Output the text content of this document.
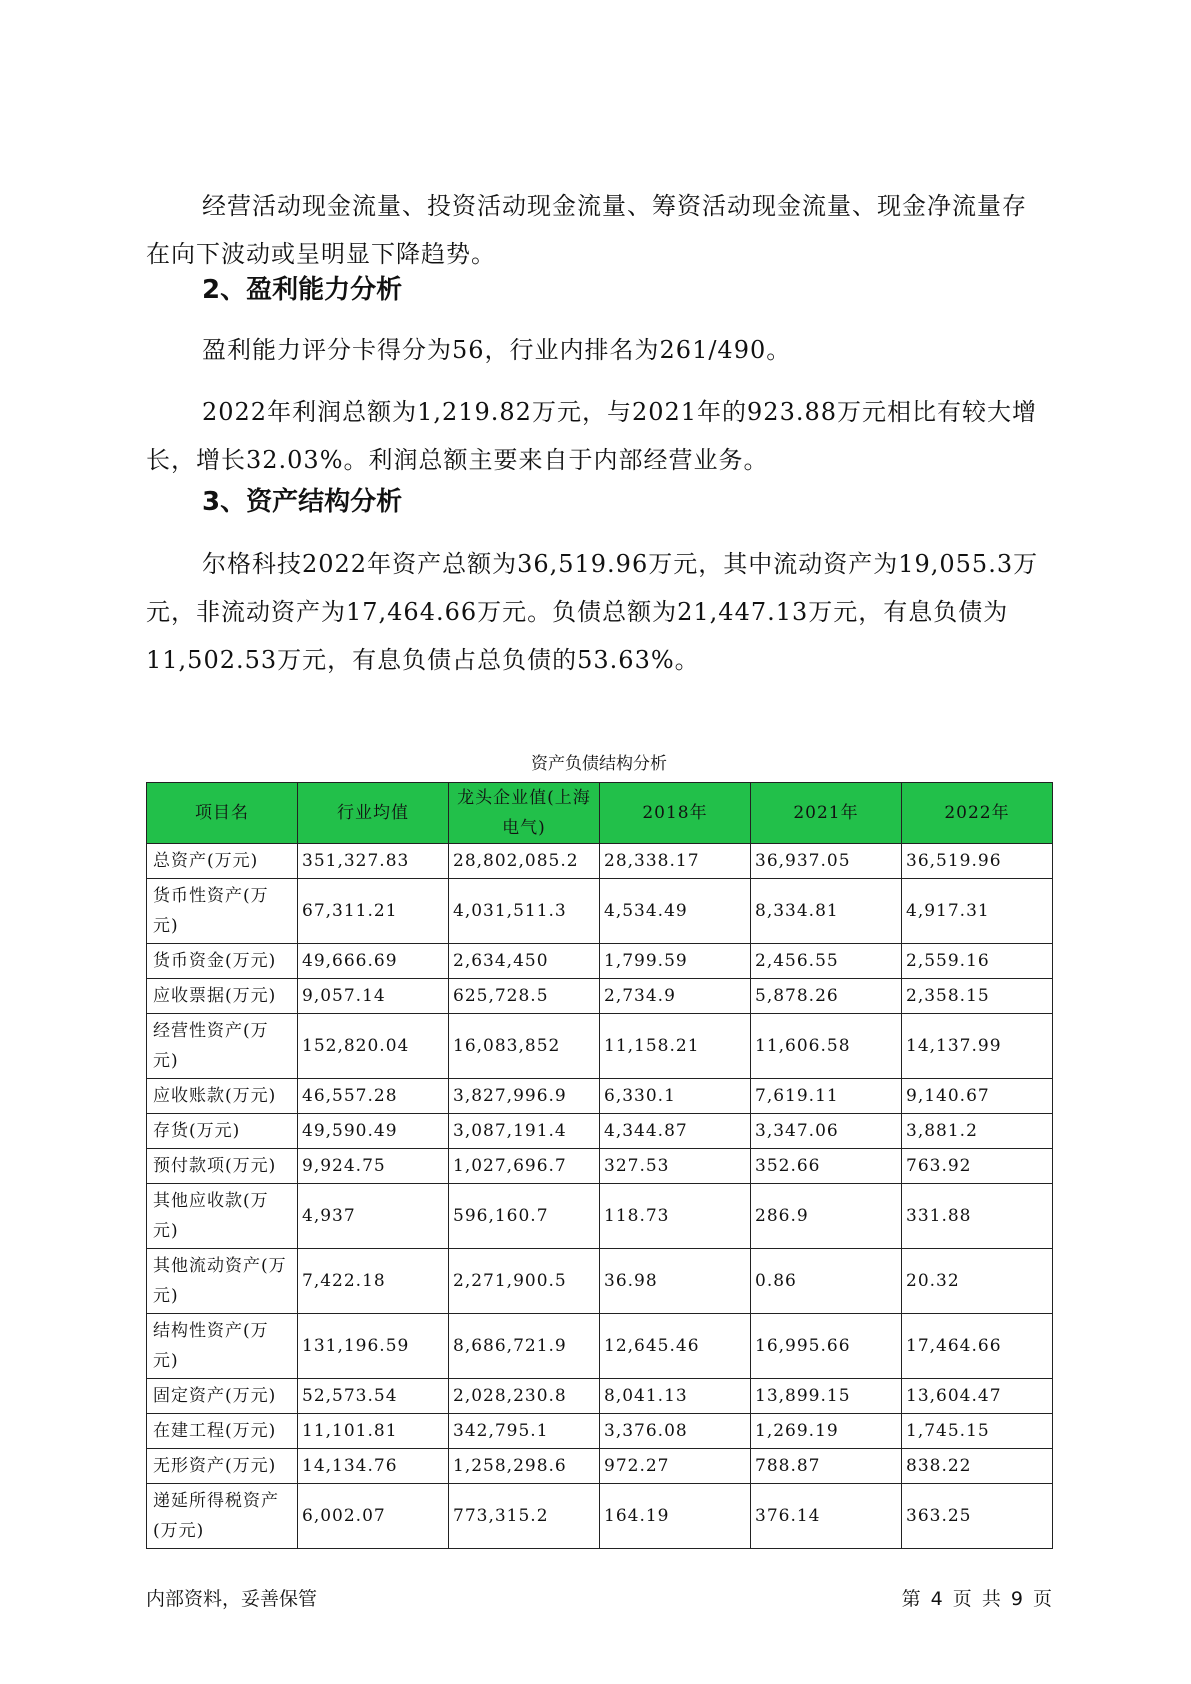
经营活动现金流量、投资活动现金流量、筹资活动现金流量、现金净流量存在向下波动或呈明显下降趋势。

2、盈利能力分析

盈利能力评分卡得分为56，行业内排名为261/490。

2022年利润总额为1,219.82万元，与2021年的923.88万元相比有较大增长，增长32.03%。利润总额主要来自于内部经营业务。

3、资产结构分析

尔格科技2022年资产总额为36,519.96万元，其中流动资产为19,055.3万元，非流动资产为17,464.66万元。负债总额为21,447.13万元，有息负债为11,502.53万元，有息负债占总负债的53.63%。

资产负债结构分析
项目名	行业均值	龙头企业值(上海电气)	2018年	2021年	2022年
总资产(万元)	351,327.83	28,802,085.2	28,338.17	36,937.05	36,519.96
货币性资产(万元)	67,311.21	4,031,511.3	4,534.49	8,334.81	4,917.31
货币资金(万元)	49,666.69	2,634,450	1,799.59	2,456.55	2,559.16
应收票据(万元)	9,057.14	625,728.5	2,734.9	5,878.26	2,358.15
经营性资产(万元)	152,820.04	16,083,852	11,158.21	11,606.58	14,137.99
应收账款(万元)	46,557.28	3,827,996.9	6,330.1	7,619.11	9,140.67
存货(万元)	49,590.49	3,087,191.4	4,344.87	3,347.06	3,881.2
预付款项(万元)	9,924.75	1,027,696.7	327.53	352.66	763.92
其他应收款(万元)	4,937	596,160.7	118.73	286.9	331.88
其他流动资产(万元)	7,422.18	2,271,900.5	36.98	0.86	20.32
结构性资产(万元)	131,196.59	8,686,721.9	12,645.46	16,995.66	17,464.66
固定资产(万元)	52,573.54	2,028,230.8	8,041.13	13,899.15	13,604.47
在建工程(万元)	11,101.81	342,795.1	3,376.08	1,269.19	1,745.15
无形资产(万元)	14,134.76	1,258,298.6	972.27	788.87	838.22
递延所得税资产(万元)	6,002.07	773,315.2	164.19	376.14	363.25
内部资料，妥善保管	第 4 页 共 9 页
